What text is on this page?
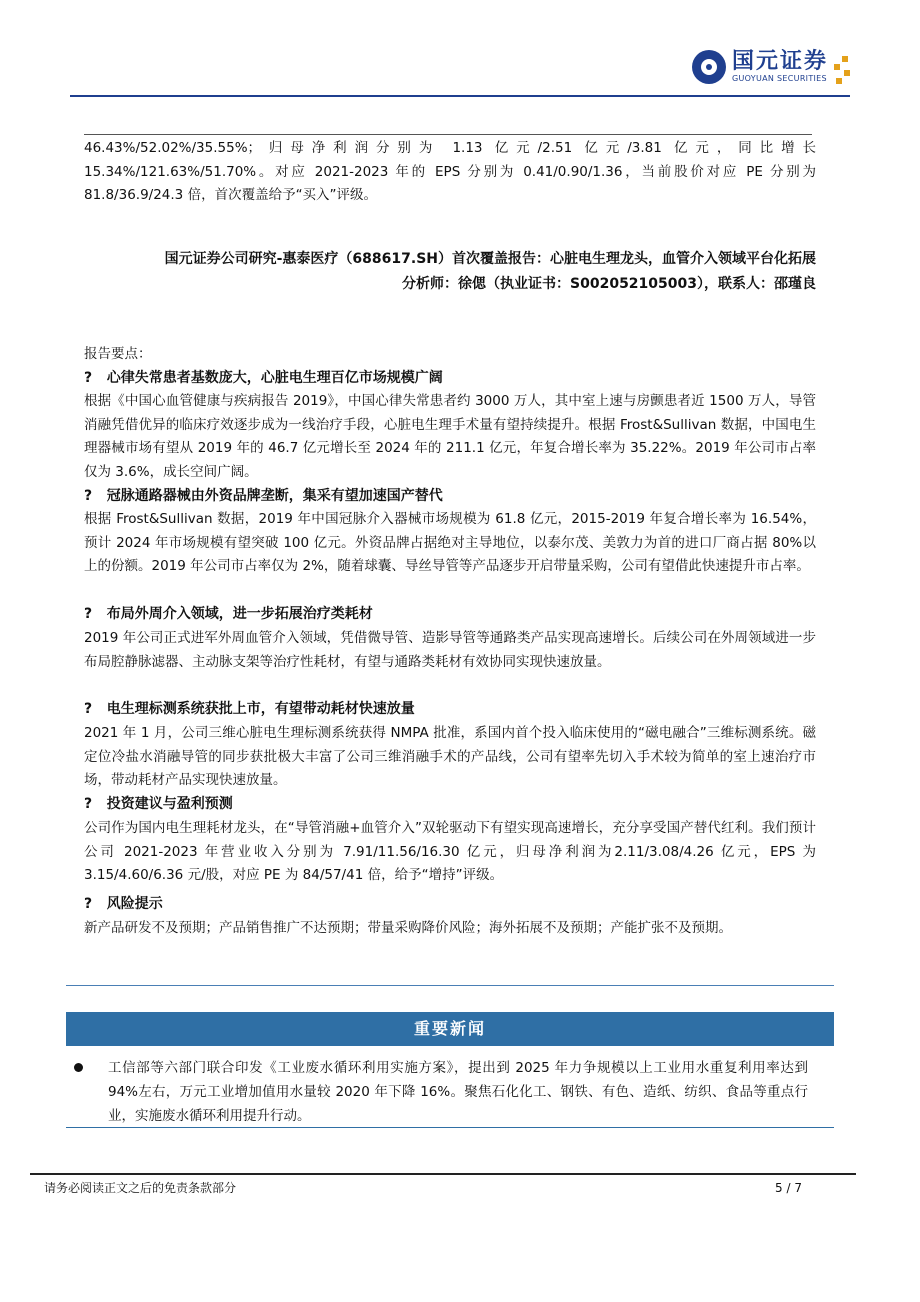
国元证券
GUOYUAN SECURITIES

46.43%/52.02%/35.55%；归母净利润分别为 1.13 亿元/2.51 亿元/3.81 亿元，同比增长15.34%/121.63%/51.70%。对应 2021-2023 年的 EPS 分别为 0.41/0.90/1.36，当前股价对应 PE 分别为81.8/36.9/24.3 倍，首次覆盖给予“买入”评级。

国元证券公司研究-惠泰医疗（688617.SH）首次覆盖报告：心脏电生理龙头，血管介入领域平台化拓展
分析师：徐偲（执业证书：S002052105003），联系人：邵瑾良
报告要点：
? 心律失常患者基数庞大，心脏电生理百亿市场规模广阔

根据《中国心血管健康与疾病报告 2019》，中国心律失常患者约 3000 万人，其中室上速与房颤患者近 1500 万人，导管消融凭借优异的临床疗效逐步成为一线治疗手段，心脏电生理手术量有望持续提升。根据 Frost&Sullivan 数据，中国电生理器械市场有望从 2019 年的 46.7 亿元增长至 2024 年的 211.1 亿元，年复合增长率为 35.22%。2019 年公司市占率仅为 3.6%，成长空间广阔。

? 冠脉通路器械由外资品牌垄断，集采有望加速国产替代

根据 Frost&Sullivan 数据，2019 年中国冠脉介入器械市场规模为 61.8 亿元，2015-2019 年复合增长率为 16.54%，预计 2024 年市场规模有望突破 100 亿元。外资品牌占据绝对主导地位，以泰尔茂、美敦力为首的进口厂商占据 80%以上的份额。2019 年公司市占率仅为 2%，随着球囊、导丝导管等产品逐步开启带量采购，公司有望借此快速提升市占率。

? 布局外周介入领域，进一步拓展治疗类耗材

2019 年公司正式进军外周血管介入领域，凭借微导管、造影导管等通路类产品实现高速增长。后续公司在外周领域进一步布局腔静脉滤器、主动脉支架等治疗性耗材，有望与通路类耗材有效协同实现快速放量。

? 电生理标测系统获批上市，有望带动耗材快速放量

2021 年 1 月，公司三维心脏电生理标测系统获得 NMPA 批准，系国内首个投入临床使用的“磁电融合”三维标测系统。磁定位冷盐水消融导管的同步获批极大丰富了公司三维消融手术的产品线，公司有望率先切入手术较为简单的室上速治疗市场，带动耗材产品实现快速放量。

? 投资建议与盈利预测

公司作为国内电生理耗材龙头，在“导管消融+血管介入”双轮驱动下有望实现高速增长，充分享受国产替代红利。我们预计公司 2021-2023 年营业收入分别为 7.91/11.56/16.30 亿元，归母净利润为2.11/3.08/4.26 亿元，EPS 为 3.15/4.60/6.36 元/股，对应 PE 为 84/57/41 倍，给予“增持”评级。

? 风险提示

新产品研发不及预期；产品销售推广不达预期；带量采购降价风险；海外拓展不及预期；产能扩张不及预期。

重要新闻

工信部等六部门联合印发《工业废水循环利用实施方案》，提出到 2025 年力争规模以上工业用水重复利用率达到 94%左右，万元工业增加值用水量较 2020 年下降 16%。聚焦石化化工、钢铁、有色、造纸、纺织、食品等重点行业，实施废水循环利用提升行动。

请务必阅读正文之后的免责条款部分	5 / 7
